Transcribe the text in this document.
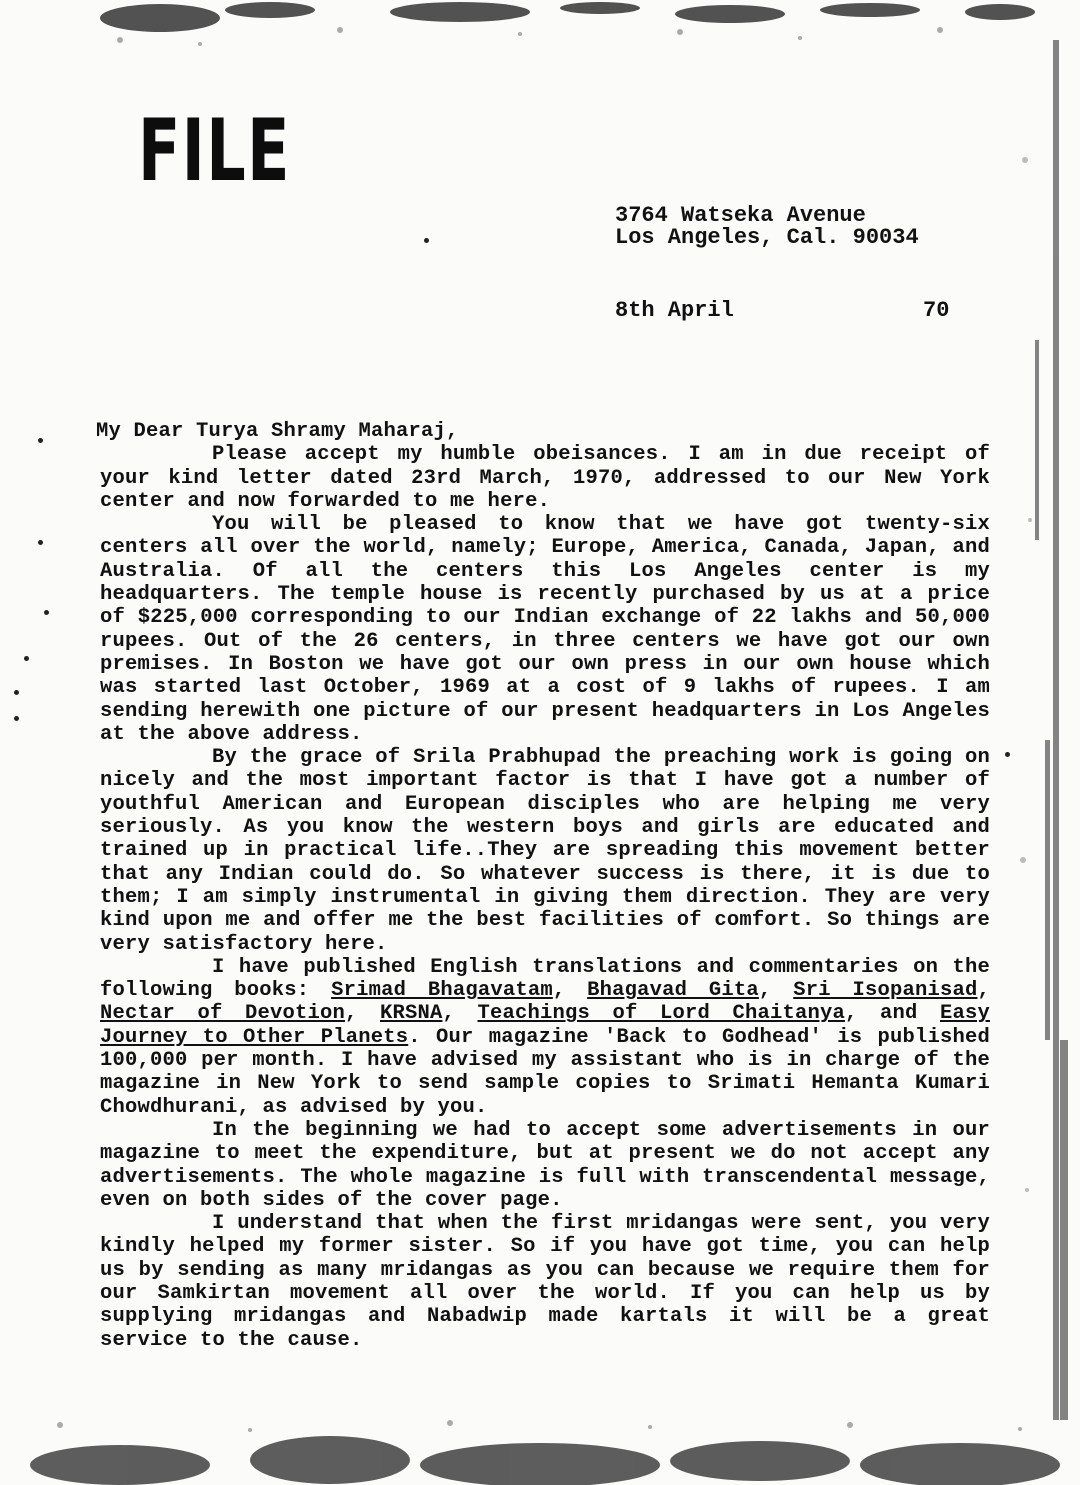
FILE
3764 Watseka Avenue
Los Angeles, Cal. 90034
8th April	70

My Dear Turya Shramy Maharaj,

Please accept my humble obeisances. I am in due receipt of your kind letter dated 23rd March, 1970, addressed to our New York center and now forwarded to me here.

You will be pleased to know that we have got twenty-six centers all over the world, namely; Europe, America, Canada, Japan, and Australia. Of all the centers this Los Angeles center is my headquarters. The temple house is recently purchased by us at a price of $225,000 corresponding to our Indian exchange of 22 lakhs and 50,000 rupees. Out of the 26 centers, in three centers we have got our own premises. In Boston we have got our own press in our own house which was started last October, 1969 at a cost of 9 lakhs of rupees. I am sending herewith one picture of our present headquarters in Los Angeles at the above address.

By the grace of Srila Prabhupad the preaching work is going on nicely and the most important factor is that I have got a number of youthful American and European disciples who are helping me very seriously. As you know the western boys and girls are educated and trained up in practical life..They are spreading this movement better that any Indian could do. So whatever success is there, it is due to them; I am simply instrumental in giving them direction. They are very kind upon me and offer me the best facilities of comfort. So things are very satisfactory here.

I have published English translations and commentaries on the following books: Srimad Bhagavatam, Bhagavad Gita, Sri Isopanisad, Nectar of Devotion, KRSNA, Teachings of Lord Chaitanya, and Easy Journey to Other Planets. Our magazine 'Back to Godhead' is published 100,000 per month. I have advised my assistant who is in charge of the magazine in New York to send sample copies to Srimati Hemanta Kumari Chowdhurani, as advised by you.

In the beginning we had to accept some advertisements in our magazine to meet the expenditure, but at present we do not accept any advertisements. The whole magazine is full with transcendental message, even on both sides of the cover page.

I understand that when the first mridangas were sent, you very kindly helped my former sister. So if you have got time, you can help us by sending as many mridangas as you can because we require them for our Samkirtan movement all over the world. If you can help us by supplying mridangas and Nabadwip made kartals it will be a great service to the cause.
